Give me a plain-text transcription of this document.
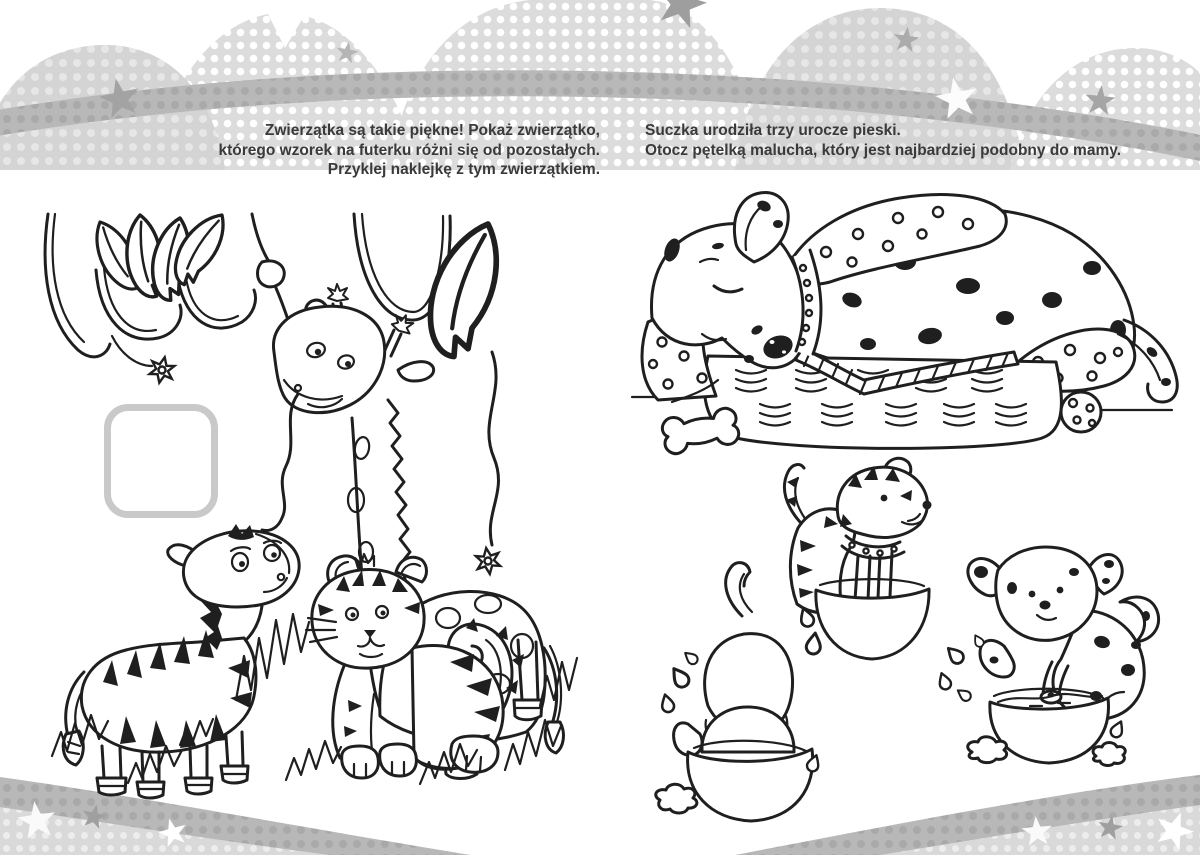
Zwierzątka są takie piękne! Pokaż zwierzątko,
którego wzorek na futerku różni się od pozostałych.
Przyklej naklejkę z tym zwierzątkiem.
Suczka urodziła trzy urocze pieski.
Otocz pętelką malucha, który jest najbardziej podobny do mamy.
